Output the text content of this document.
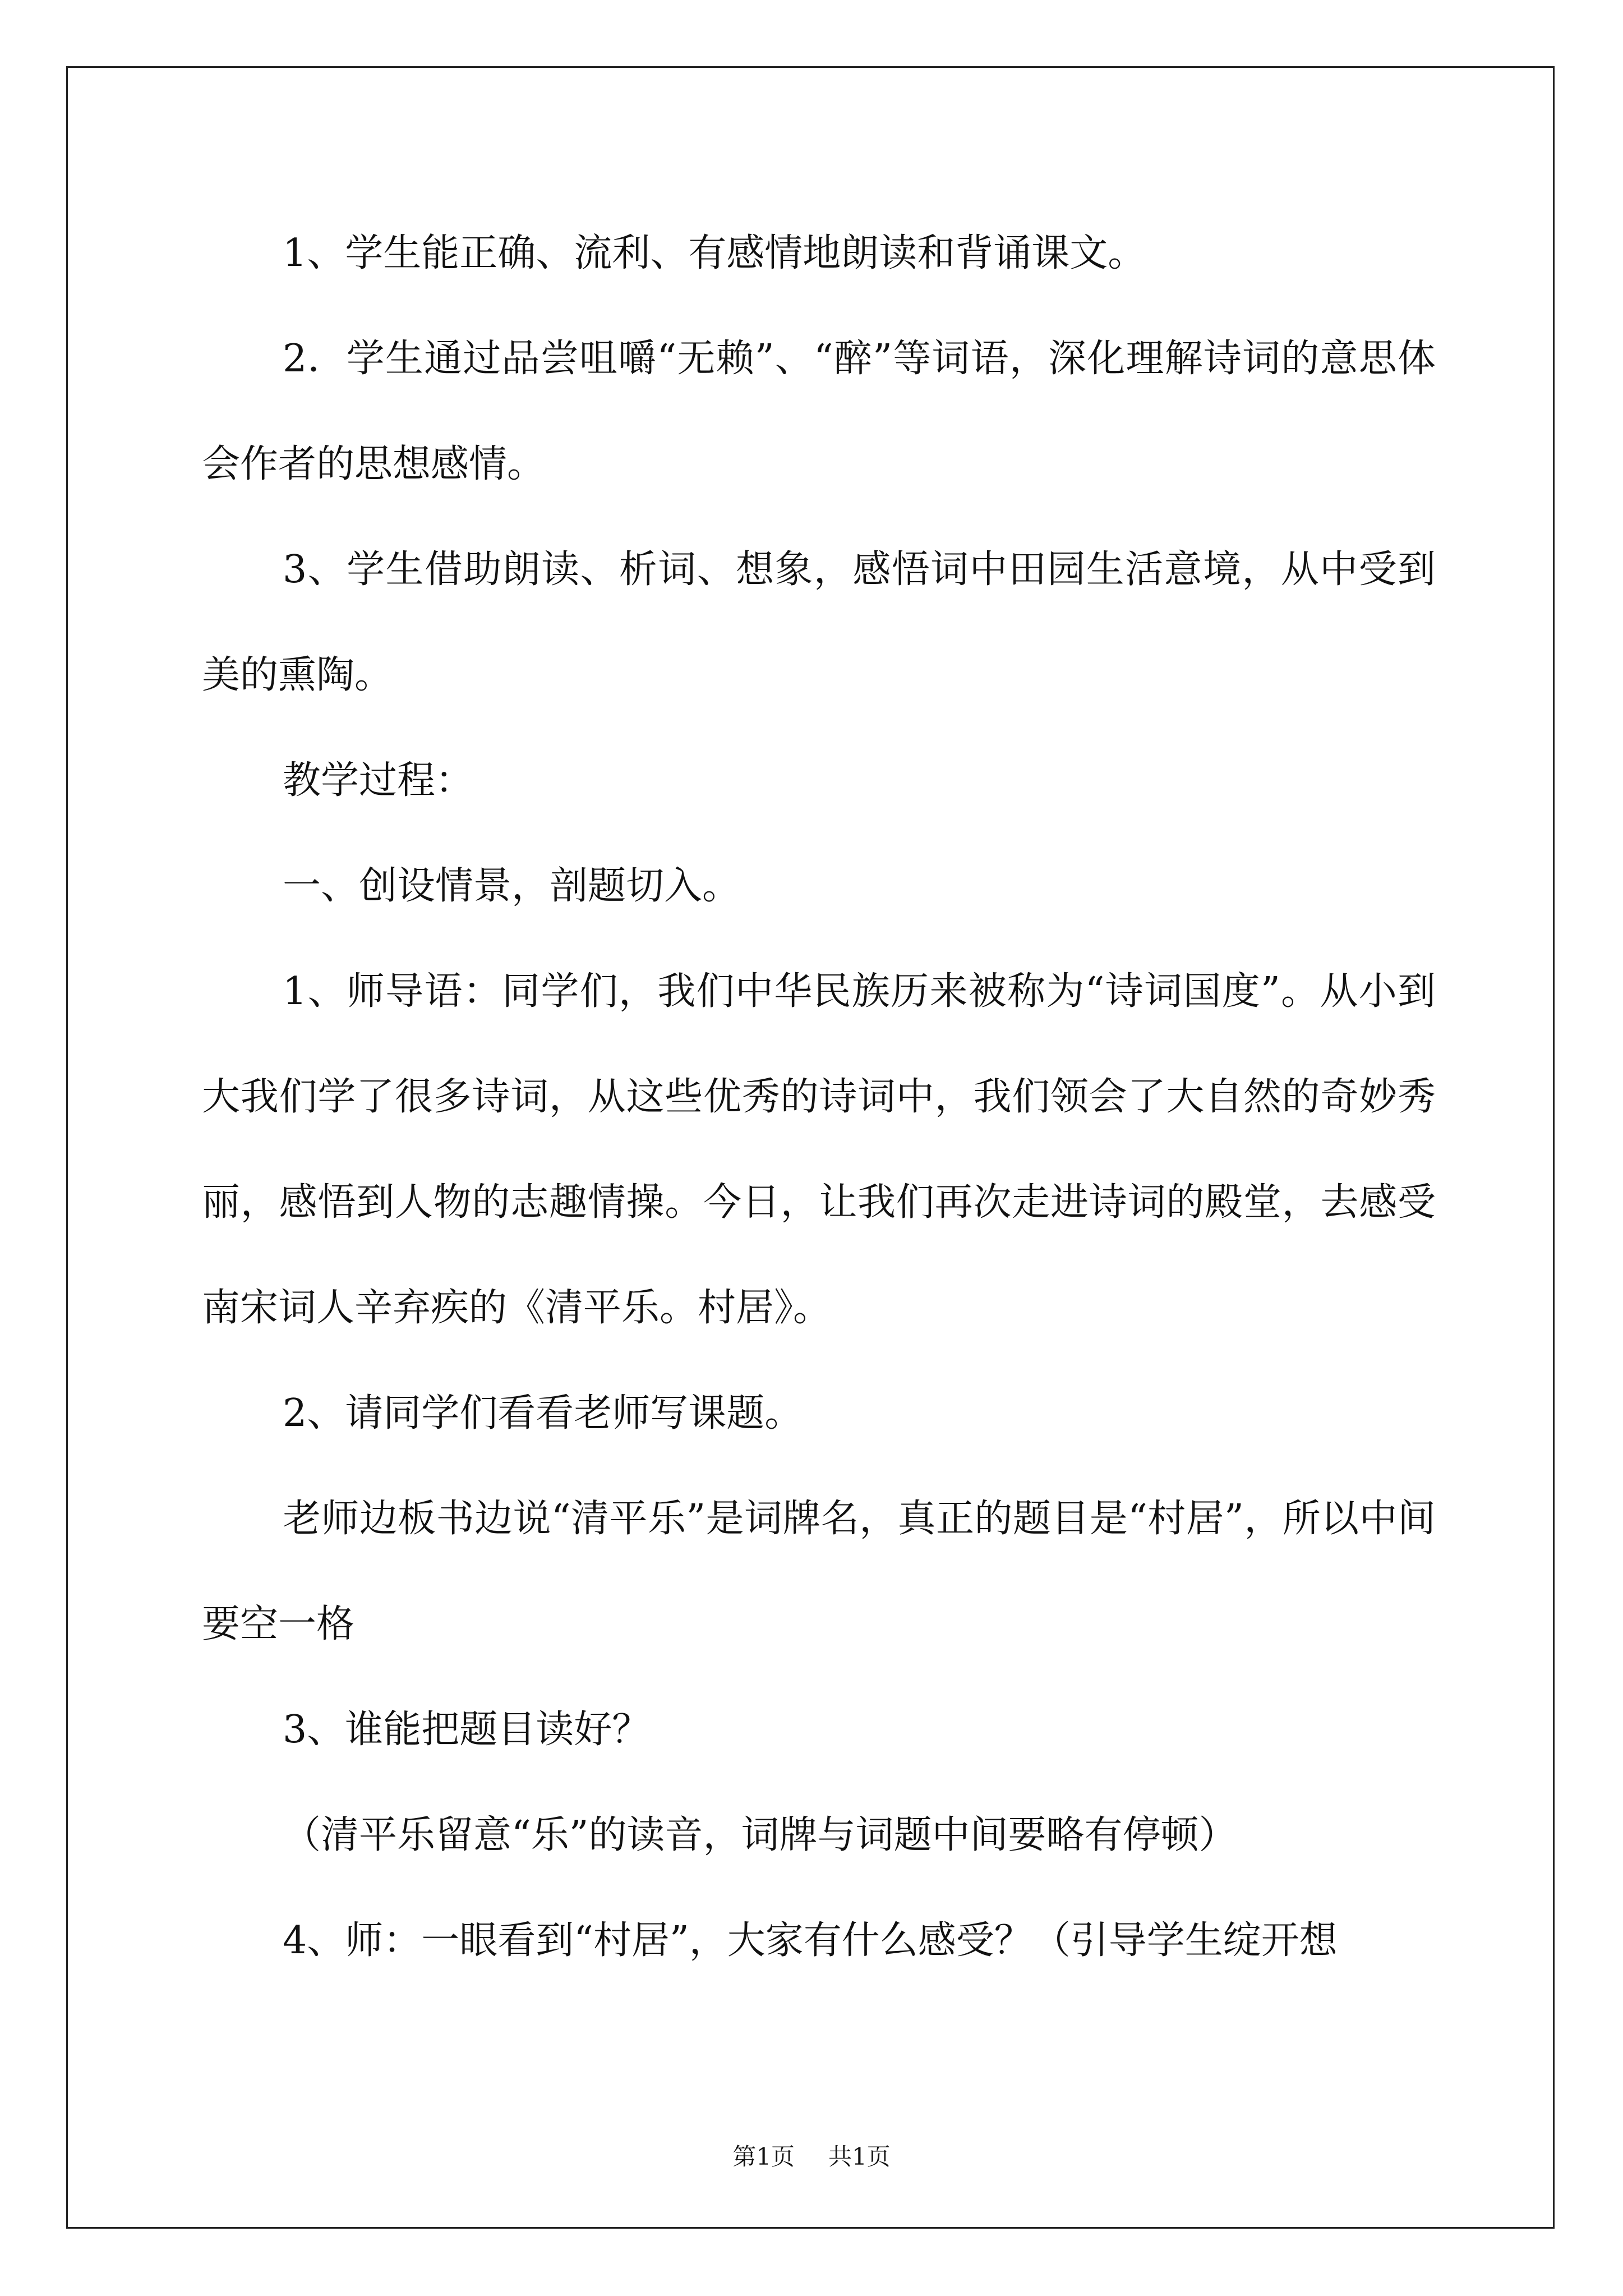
1、学生能正确、流利、有感情地朗读和背诵课文。

2．学生通过品尝咀嚼“无赖”、“醉”等词语，深化理解诗词的意思体会作者的思想感情。

3、学生借助朗读、析词、想象，感悟词中田园生活意境，从中受到美的熏陶。

教学过程：

一、创设情景，剖题切入。

1、师导语：同学们，我们中华民族历来被称为“诗词国度”。从小到大我们学了很多诗词，从这些优秀的诗词中，我们领会了大自然的奇妙秀丽，感悟到人物的志趣情操。今日，让我们再次走进诗词的殿堂，去感受南宋词人辛弃疾的《清平乐。村居》。

2、请同学们看看老师写课题。

老师边板书边说“清平乐”是词牌名，真正的题目是“村居”，所以中间要空一格

3、谁能把题目读好？

（清平乐留意“乐”的读音，词牌与词题中间要略有停顿）

4、师：一眼看到“村居”，大家有什么感受？（引导学生绽开想

第1页 共1页
